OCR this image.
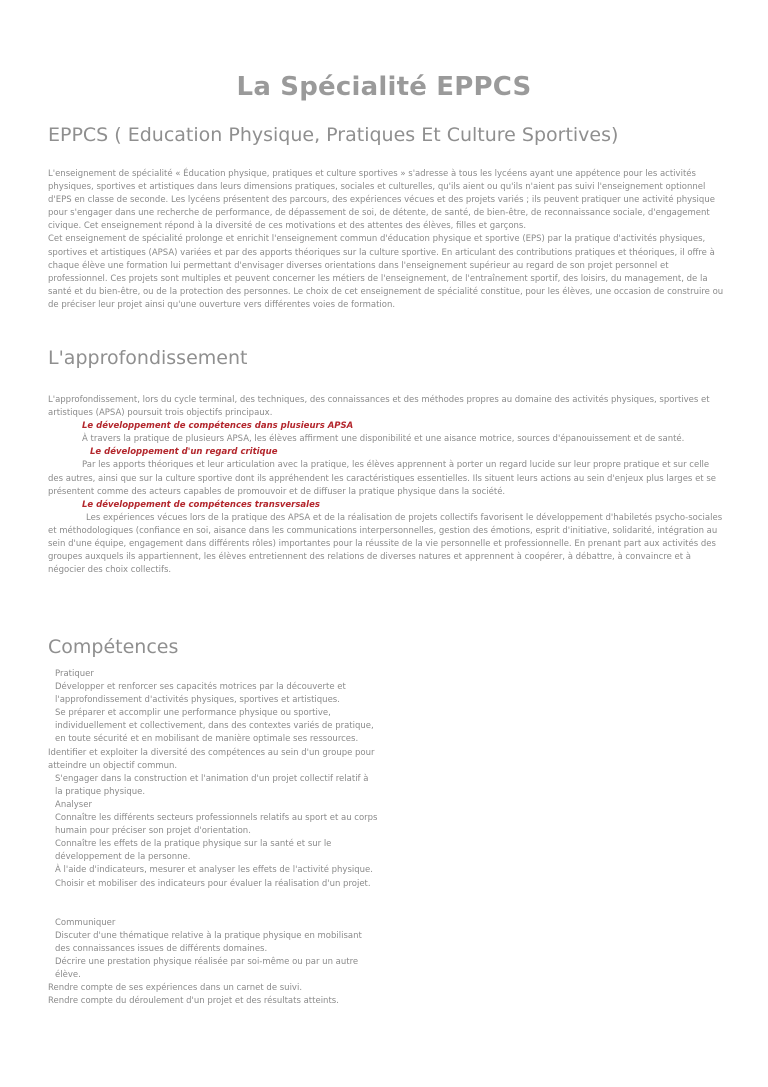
La Spécialité EPPCS
EPPCS ( Education Physique, Pratiques Et Culture Sportives)

L'enseignement de spécialité « Éducation physique, pratiques et culture sportives » s'adresse à tous les lycéens ayant une appétence pour les activités physiques, sportives et artistiques dans leurs dimensions pratiques, sociales et culturelles, qu'ils aient ou qu'ils n'aient pas suivi l'enseignement optionnel d'EPS en classe de seconde. Les lycéens présentent des parcours, des expériences vécues et des projets variés ; ils peuvent pratiquer une activité physique pour s'engager dans une recherche de performance, de dépassement de soi, de détente, de santé, de bien-être, de reconnaissance sociale, d'engagement civique. Cet enseignement répond à la diversité de ces motivations et des attentes des élèves, filles et garçons.

Cet enseignement de spécialité prolonge et enrichit l'enseignement commun d'éducation physique et sportive (EPS) par la pratique d'activités physiques, sportives et artistiques (APSA) variées et par des apports théoriques sur la culture sportive. En articulant des contributions pratiques et théoriques, il offre à chaque élève une formation lui permettant d'envisager diverses orientations dans l'enseignement supérieur au regard de son projet personnel et professionnel. Ces projets sont multiples et peuvent concerner les métiers de l'enseignement, de l'entraînement sportif, des loisirs, du management, de la santé et du bien-être, ou de la protection des personnes. Le choix de cet enseignement de spécialité constitue, pour les élèves, une occasion de construire ou de préciser leur projet ainsi qu'une ouverture vers différentes voies de formation.

L'approfondissement

L'approfondissement, lors du cycle terminal, des techniques, des connaissances et des méthodes propres au domaine des activités physiques, sportives et artistiques (APSA) poursuit trois objectifs principaux.

Le développement de compétences dans plusieurs APSA

À travers la pratique de plusieurs APSA, les élèves affirment une disponibilité et une aisance motrice, sources d'épanouissement et de santé.

Le développement d'un regard critique

Par les apports théoriques et leur articulation avec la pratique, les élèves apprennent à porter un regard lucide sur leur propre pratique et sur celle des autres, ainsi que sur la culture sportive dont ils appréhendent les caractéristiques essentielles. Ils situent leurs actions au sein d'enjeux plus larges et se présentent comme des acteurs capables de promouvoir et de diffuser la pratique physique dans la société.

Le développement de compétences transversales

Les expériences vécues lors de la pratique des APSA et de la réalisation de projets collectifs favorisent le développement d'habiletés psycho-sociales et méthodologiques (confiance en soi, aisance dans les communications interpersonnelles, gestion des émotions, esprit d'initiative, solidarité, intégration au sein d'une équipe, engagement dans différents rôles) importantes pour la réussite de la vie personnelle et professionnelle. En prenant part aux activités des groupes auxquels ils appartiennent, les élèves entretiennent des relations de diverses natures et apprennent à coopérer, à débattre, à convaincre et à négocier des choix collectifs.

Compétences

Pratiquer

Développer et renforcer ses capacités motrices par la découverte et l'approfondissement d'activités physiques, sportives et artistiques.

Se préparer et accomplir une performance physique ou sportive, individuellement et collectivement, dans des contextes variés de pratique, en toute sécurité et en mobilisant de manière optimale ses ressources.

Identifier et exploiter la diversité des compétences au sein d'un groupe pour atteindre un objectif commun.

S'engager dans la construction et l'animation d'un projet collectif relatif à la pratique physique.

Analyser

Connaître les différents secteurs professionnels relatifs au sport et au corps humain pour préciser son projet d'orientation.

Connaître les effets de la pratique physique sur la santé et sur le développement de la personne.

À l'aide d'indicateurs, mesurer et analyser les effets de l'activité physique.

Choisir et mobiliser des indicateurs pour évaluer la réalisation d'un projet.

Communiquer

Discuter d'une thématique relative à la pratique physique en mobilisant des connaissances issues de différents domaines.

Décrire une prestation physique réalisée par soi-même ou par un autre élève.

Rendre compte de ses expériences dans un carnet de suivi.

Rendre compte du déroulement d'un projet et des résultats atteints.
